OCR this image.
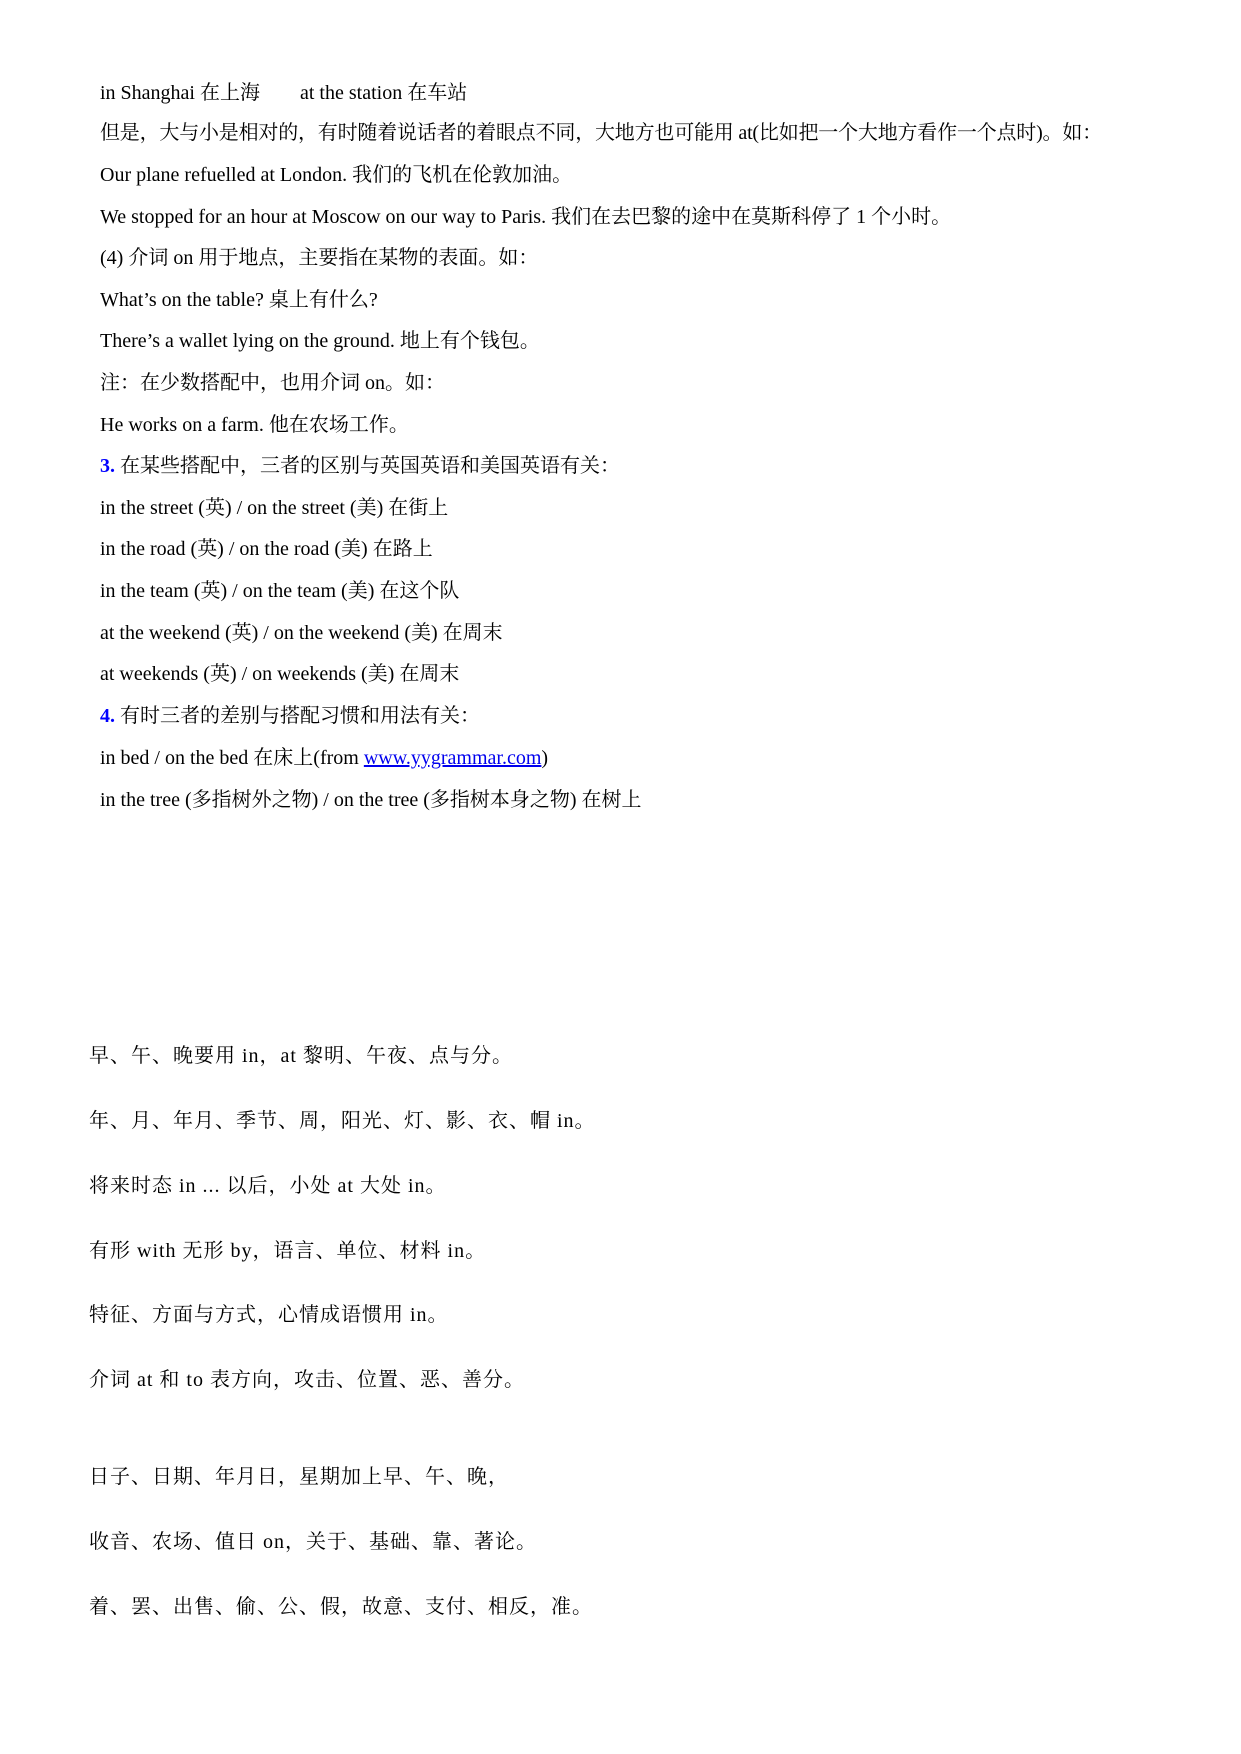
in Shanghai 在上海 at the station 在车站
但是，大与小是相对的，有时随着说话者的着眼点不同，大地方也可能用 at(比如把一个大地方看作一个点时)。如：
Our plane refuelled at London. 我们的飞机在伦敦加油。
We stopped for an hour at Moscow on our way to Paris. 我们在去巴黎的途中在莫斯科停了 1 个小时。
(4) 介词 on 用于地点，主要指在某物的表面。如：
What’s on the table? 桌上有什么?
There’s a wallet lying on the ground. 地上有个钱包。
注：在少数搭配中，也用介词 on。如：
He works on a farm. 他在农场工作。
3. 在某些搭配中，三者的区别与英国英语和美国英语有关：
in the street (英) / on the street (美) 在街上
in the road (英) / on the road (美) 在路上
in the team (英) / on the team (美) 在这个队
at the weekend (英) / on the weekend (美) 在周末
at weekends (英) / on weekends (美) 在周末
4. 有时三者的差别与搭配习惯和用法有关：
in bed / on the bed 在床上(from www.yygrammar.com)
in the tree (多指树外之物) / on the tree (多指树本身之物) 在树上
早、午、晚要用 in，at 黎明、午夜、点与分。
年、月、年月、季节、周，阳光、灯、影、衣、帽 in。
将来时态 in ... 以后，小处 at 大处 in。
有形 with 无形 by，语言、单位、材料 in。
特征、方面与方式，心情成语惯用 in。
介词 at 和 to 表方向，攻击、位置、恶、善分。
日子、日期、年月日，星期加上早、午、晚，
收音、农场、值日 on，关于、基础、靠、著论。
着、罢、出售、偷、公、假，故意、支付、相反，准。
